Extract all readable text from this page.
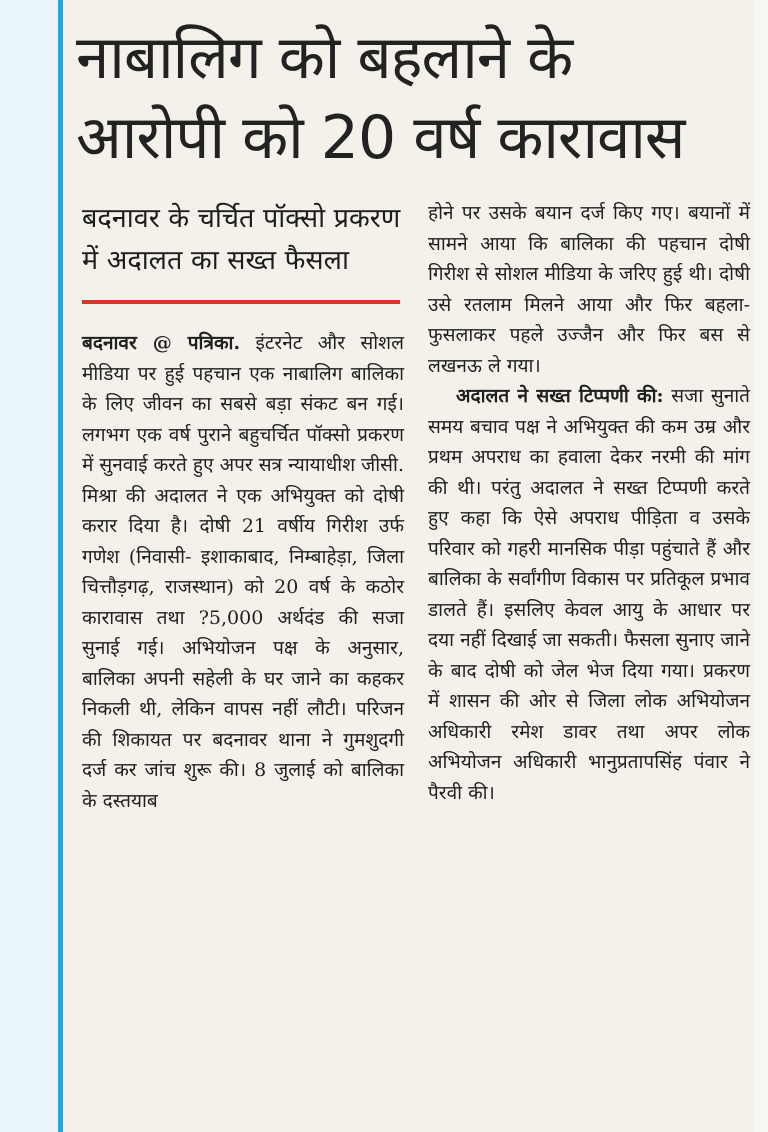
नाबालिग को बहलाने के
आरोपी को 20 वर्ष कारावास
बदनावर के चर्चित पॉक्सो प्रकरण में अदालत का सख्त फैसला

बदनावर @ पत्रिका. इंटरनेट और सोशल मीडिया पर हुई पहचान एक नाबालिग बालिका के लिए जीवन का सबसे बड़ा संकट बन गई। लगभग एक वर्ष पुराने बहुचर्चित पॉक्सो प्रकरण में सुनवाई करते हुए अपर सत्र न्यायाधीश जीसी. मिश्रा की अदालत ने एक अभियुक्त को दोषी करार दिया है। दोषी 21 वर्षीय गिरीश उर्फ गणेश (निवासी- इशाकाबाद, निम्बाहेड़ा, जिला चित्तौड़गढ़, राजस्थान) को 20 वर्ष के कठोर कारावास तथा ?5,000 अर्थदंड की सजा सुनाई गई। अभियोजन पक्ष के अनुसार, बालिका अपनी सहेली के घर जाने का कहकर निकली थी, लेकिन वापस नहीं लौटी। परिजन की शिकायत पर बदनावर थाना ने गुमशुदगी दर्ज कर जांच शुरू की। 8 जुलाई को बालिका के दस्तयाब

होने पर उसके बयान दर्ज किए गए। बयानों में सामने आया कि बालिका की पहचान दोषी गिरीश से सोशल मीडिया के जरिए हुई थी। दोषी उसे रतलाम मिलने आया और फिर बहला-फुसलाकर पहले उज्जैन और फिर बस से लखनऊ ले गया।

अदालत ने सख्त टिप्पणी की: सजा सुनाते समय बचाव पक्ष ने अभियुक्त की कम उम्र और प्रथम अपराध का हवाला देकर नरमी की मांग की थी। परंतु अदालत ने सख्त टिप्पणी करते हुए कहा कि ऐसे अपराध पीड़िता व उसके परिवार को गहरी मानसिक पीड़ा पहुंचाते हैं और बालिका के सर्वांगीण विकास पर प्रतिकूल प्रभाव डालते हैं। इसलिए केवल आयु के आधार पर दया नहीं दिखाई जा सकती। फैसला सुनाए जाने के बाद दोषी को जेल भेज दिया गया। प्रकरण में शासन की ओर से जिला लोक अभियोजन अधिकारी रमेश डावर तथा अपर लोक अभियोजन अधिकारी भानुप्रतापसिंह पंवार ने पैरवी की।
